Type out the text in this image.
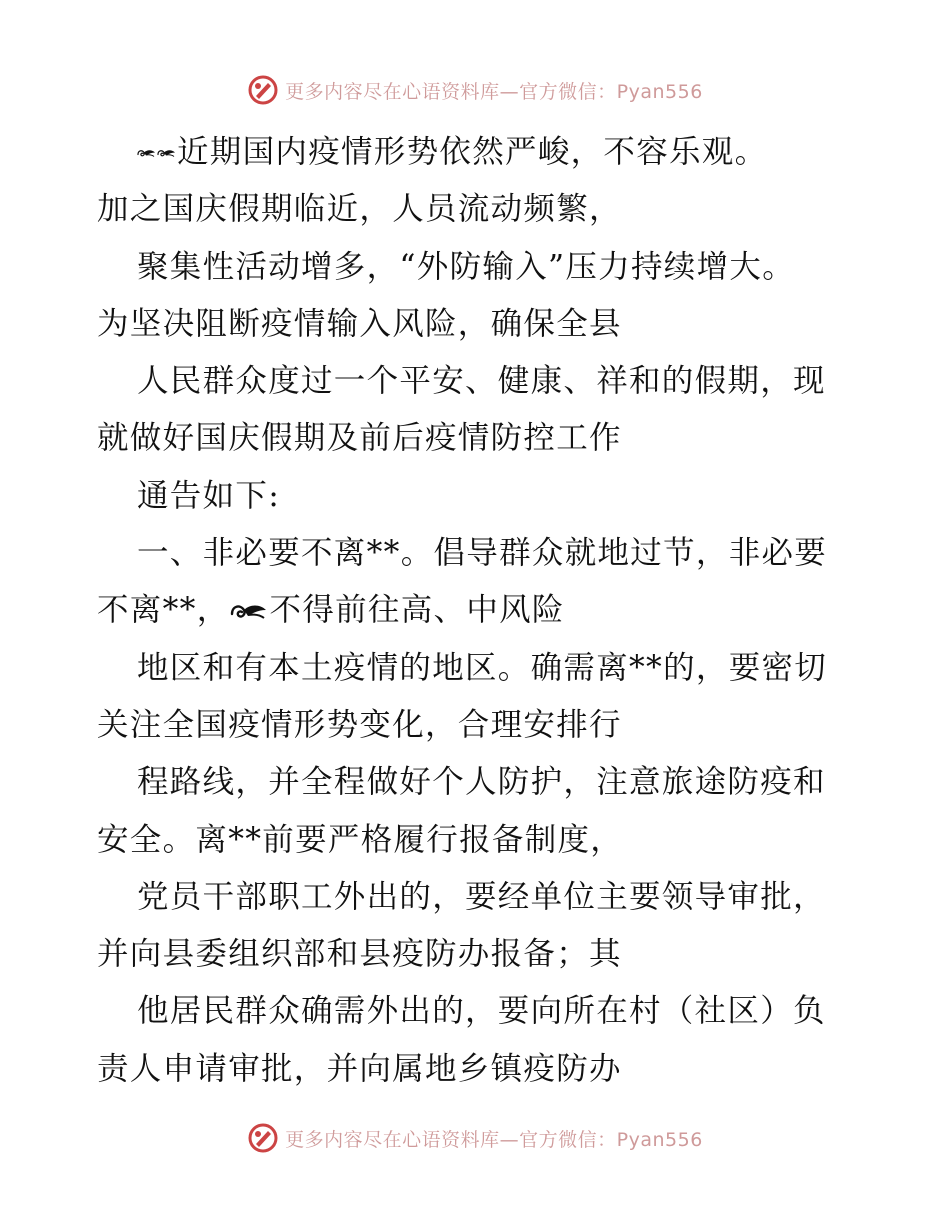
更多内容尽在心语资料库—官方微信：Pyan556
近期国内疫情形势依然严峻，不容乐观。
加之国庆假期临近，人员流动频繁，
聚集性活动增多，“外防输入”压力持续增大。
为坚决阻断疫情输入风险，确保全县
人民群众度过一个平安、健康、祥和的假期，现
就做好国庆假期及前后疫情防控工作
通告如下:
一、非必要不离**。倡导群众就地过节，非必要
不离**， 不得前往高、中风险
地区和有本土疫情的地区。确需离**的，要密切
关注全国疫情形势变化，合理安排行
程路线，并全程做好个人防护，注意旅途防疫和
安全。离**前要严格履行报备制度，
党员干部职工外出的，要经单位主要领导审批，
并向县委组织部和县疫防办报备；其
他居民群众确需外出的，要向所在村（社区）负
责人申请审批，并向属地乡镇疫防办
更多内容尽在心语资料库—官方微信：Pyan556
